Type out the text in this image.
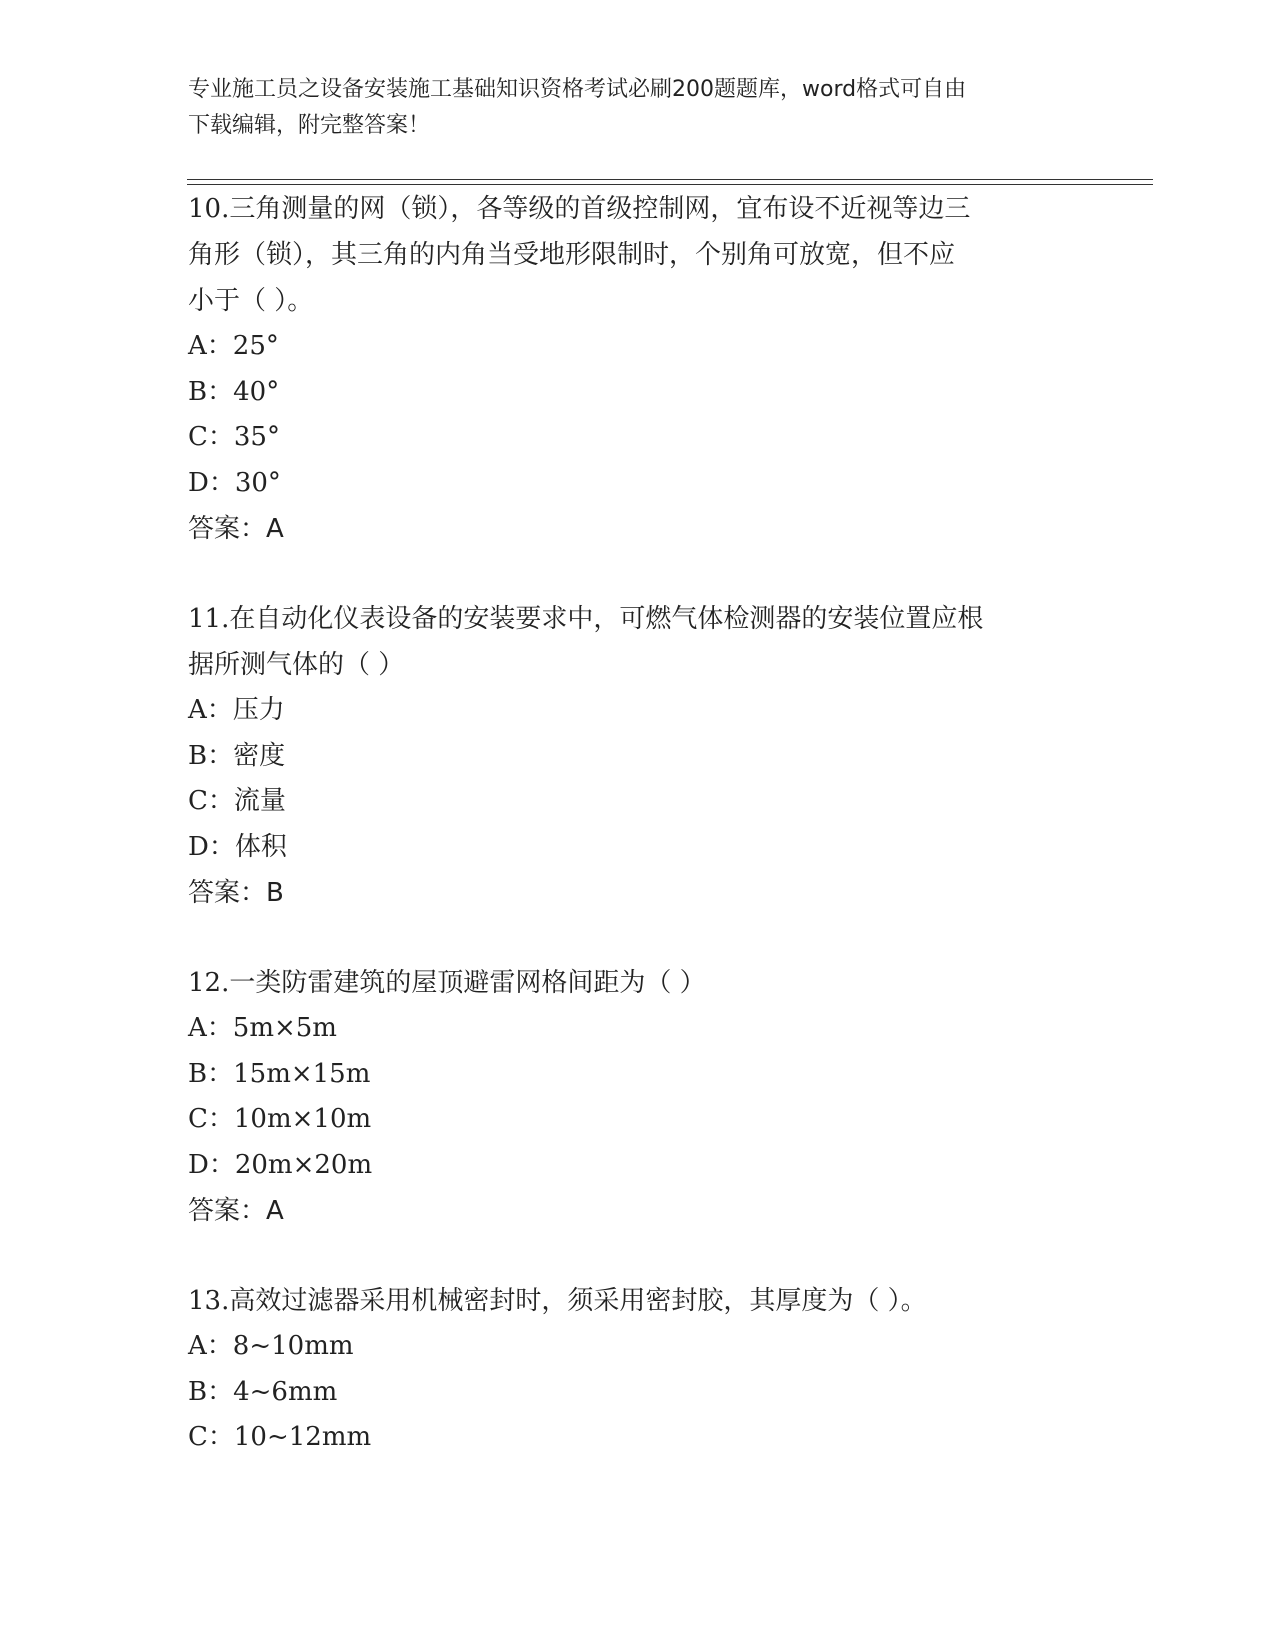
专业施工员之设备安装施工基础知识资格考试必刷200题题库，word格式可自由
下载编辑，附完整答案！

10.三角测量的网（锁），各等级的首级控制网，宜布设不近视等边三

角形（锁），其三角的内角当受地形限制时，个别角可放宽，但不应

小于（ ）。

A：25°

B：40°

C：35°

D：30°

答案：A

11.在自动化仪表设备的安装要求中，可燃气体检测器的安装位置应根

据所测气体的（ ）

A：压力

B：密度

C：流量

D：体积

答案：B

12.一类防雷建筑的屋顶避雷网格间距为（ ）

A：5m×5m

B：15m×15m

C：10m×10m

D：20m×20m

答案：A

13.高效过滤器采用机械密封时，须采用密封胶，其厚度为（ ）。

A：8~10mm

B：4~6mm

C：10~12mm
